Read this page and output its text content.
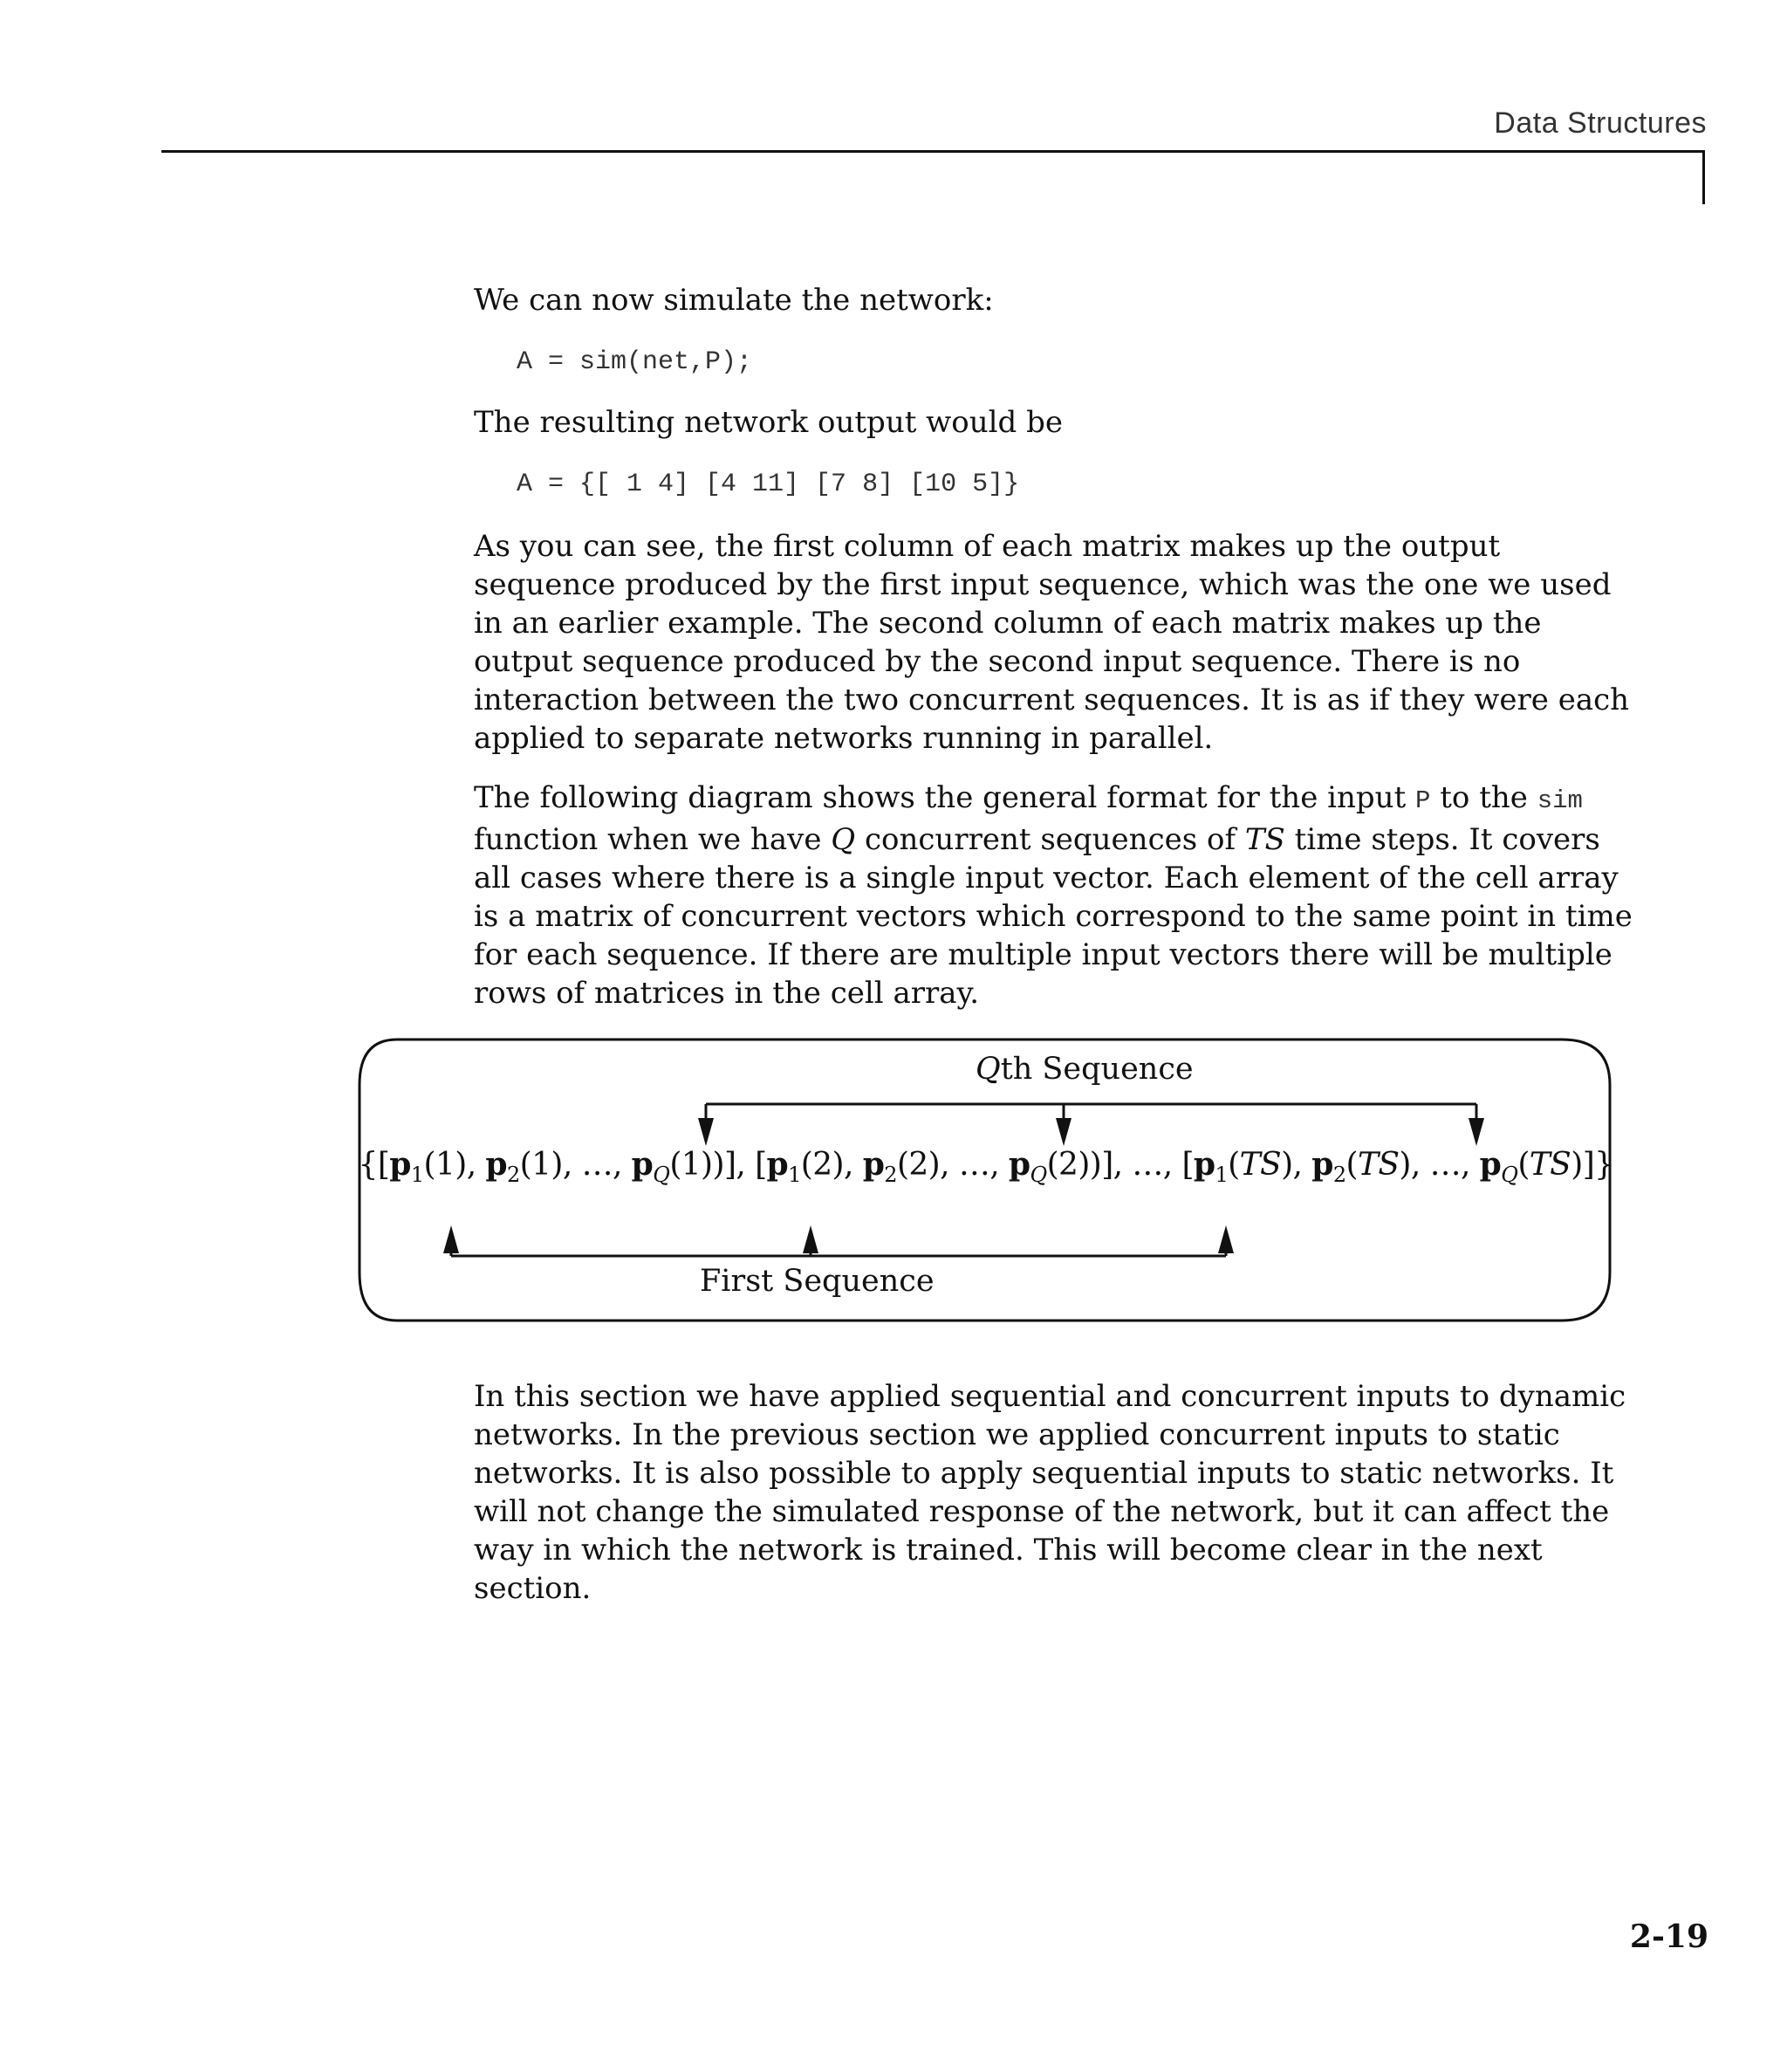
Data Structures

We can now simulate the network:

A = sim(net,P);

The resulting network output would be

A = {[ 1 4] [4 11] [7 8] [10 5]}

As you can see, the first column of each matrix makes up the output sequence produced by the first input sequence, which was the one we used in an earlier example. The second column of each matrix makes up the output sequence produced by the second input sequence. There is no interaction between the two concurrent sequences. It is as if they were each applied to separate networks running in parallel.

The following diagram shows the general format for the input P to the sim function when we have Q concurrent sequences of TS time steps. It covers all cases where there is a single input vector. Each element of the cell array is a matrix of concurrent vectors which correspond to the same point in time for each sequence. If there are multiple input vectors there will be multiple rows of matrices in the cell array.

Qth Sequence
{[$p_1(1)$, $p_2(1)$, …, $p_Q(1)$)], [$p_1(2)$, $p_2(2)$, …, $p_Q(2)$)], …, [$p_1(TS)$, $p_2(TS)$, …, $p_Q(TS)$]}
First Sequence

In this section we have applied sequential and concurrent inputs to dynamic networks. In the previous section we applied concurrent inputs to static networks. It is also possible to apply sequential inputs to static networks. It will not change the simulated response of the network, but it can affect the way in which the network is trained. This will become clear in the next section.

2-19
